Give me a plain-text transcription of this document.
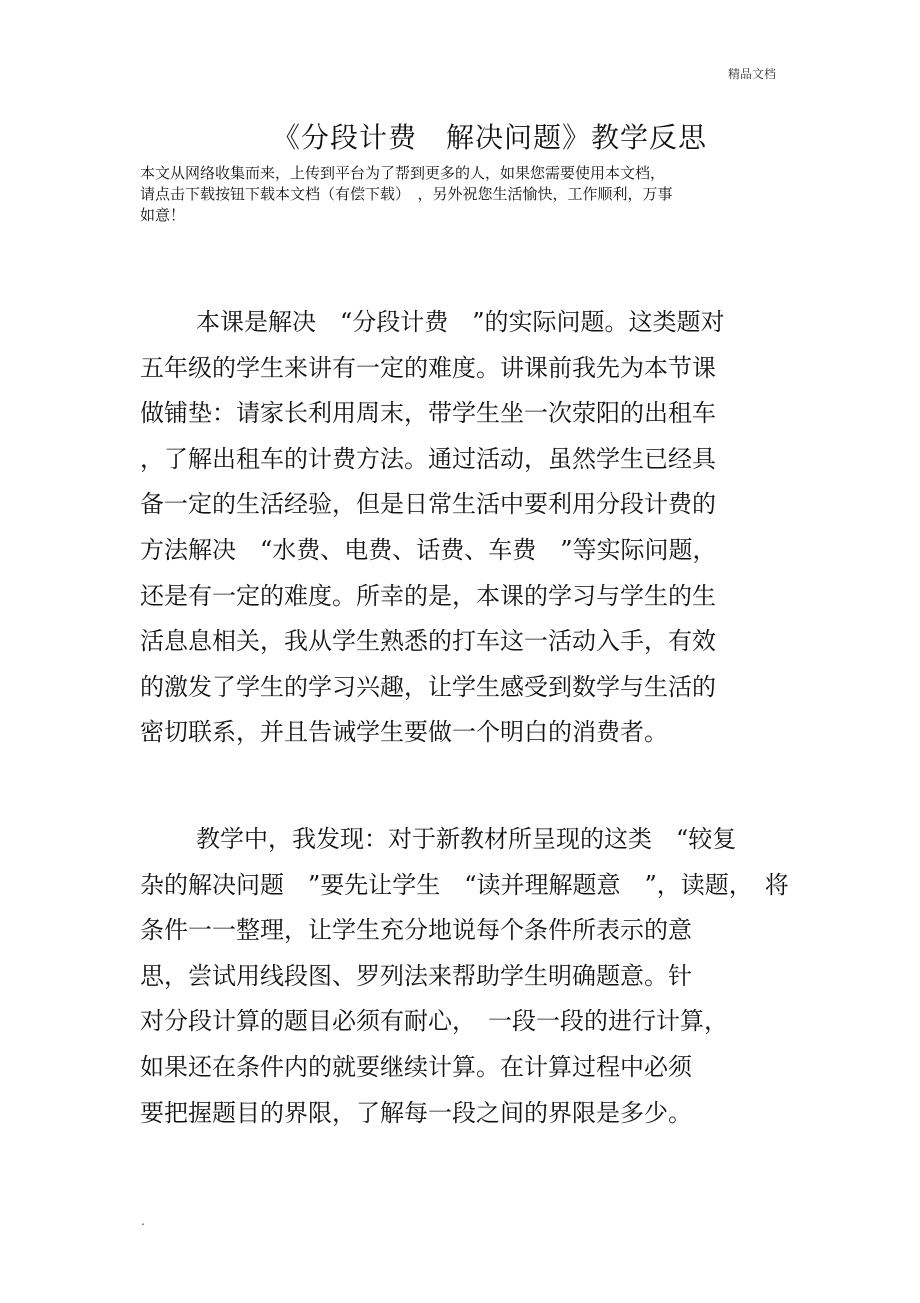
精品文档
《分段计费　解决问题》教学反思
本文从网络收集而来，上传到平台为了帮到更多的人，如果您需要使用本文档，
请点击下载按钮下载本文档（有偿下载）　，另外祝您生活愉快，工作顺利，万事
如意！
本课是解决　“分段计费　”的实际问题。这类题对
五年级的学生来讲有一定的难度。讲课前我先为本节课
做铺垫：请家长利用周末，带学生坐一次荥阳的出租车
，了解出租车的计费方法。通过活动，虽然学生已经具
备一定的生活经验，但是日常生活中要利用分段计费的
方法解决　“水费、电费、话费、车费　”等实际问题，
还是有一定的难度。所幸的是，本课的学习与学生的生
活息息相关，我从学生熟悉的打车这一活动入手，有效
的激发了学生的学习兴趣，让学生感受到数学与生活的
密切联系，并且告诫学生要做一个明白的消费者。
教学中，我发现：对于新教材所呈现的这类　“较复
杂的解决问题　”要先让学生　“读并理解题意　”，读题，　将
条件一一整理，让学生充分地说每个条件所表示的意
思，尝试用线段图、罗列法来帮助学生明确题意。针
对分段计算的题目必须有耐心，　一段一段的进行计算，
如果还在条件内的就要继续计算。在计算过程中必须
要把握题目的界限，了解每一段之间的界限是多少。
.
